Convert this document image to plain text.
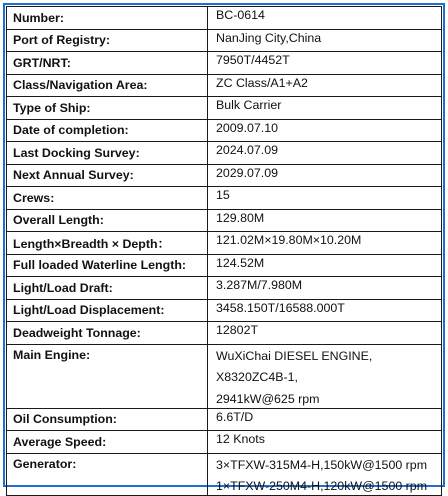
Number:	BC-0614

Port of Registry:	NanJing City,China

GRT/NRT:	7950T/4452T

Class/Navigation Area:	ZC Class/A1+A2

Type of Ship:	Bulk Carrier

Date of completion:	2009.07.10

Last Docking Survey:	2024.07.09

Next Annual Survey:	2029.07.09

Crews:	15

Overall Length:	129.80M

Length×Breadth × Depth：	121.02M×19.80M×10.20M

Full loaded Waterline Length:	124.52M

Light/Load Draft:	3.287M/7.980M

Light/Load Displacement:	3458.150T/16588.000T

Deadweight Tonnage:	12802T

Main Engine:	WuXiChai DIESEL ENGINE,
X8320ZC4B-1,
2941kW@625 rpm

Oil Consumption:	6.6T/D

Average Speed:	12 Knots

Generator:	3×TFXW-315M4-H,150kW@1500 rpm
1×TFXW-250M4-H,120kW@1500 rpm
